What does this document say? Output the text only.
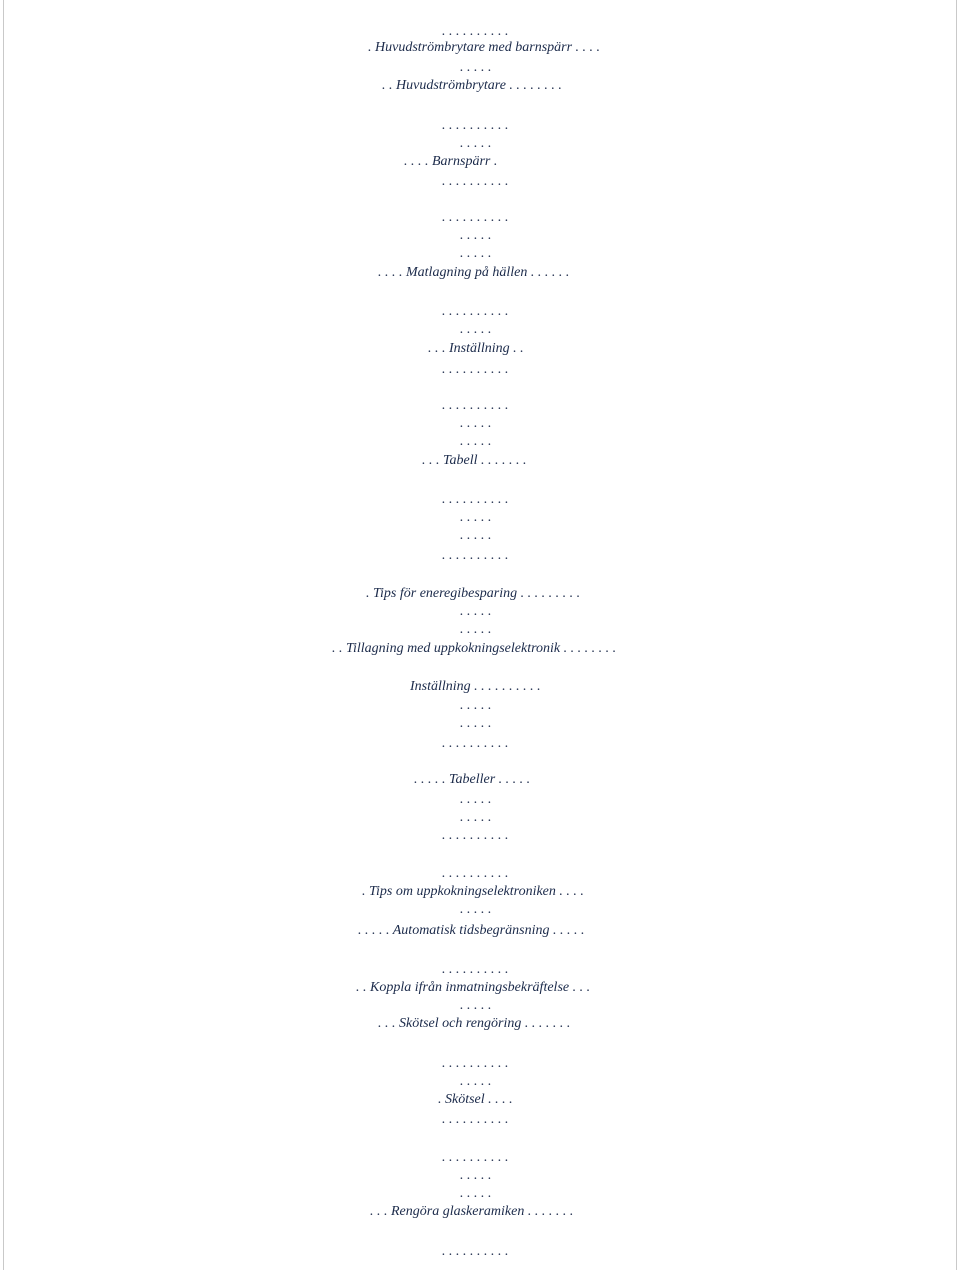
. . . . . . . . . .
. Huvudströmbrytare med barnspärr . . . .
. . . . .
. . Huvudströmbrytare . . . . . . . .
. . . . . . . . . .
. . . . .
. . . . Barnspärr .
. . . . . . . . . .
. . . . . . . . . .
. . . . .
. . . . .
. . . . Matlagning på hällen . . . . . .
. . . . . . . . . .
. . . . .
. . . Inställning . .
. . . . . . . . . .
. . . . . . . . . .
. . . . .
. . . . .
. . . Tabell . . . . . . .
. . . . . . . . . .
. . . . .
. . . . .
. . . . . . . . . .
. Tips för eneregibesparing . . . . . . . . .
. . . . .
. . . . .
. . Tillagning med uppkokningselektronik . . . . . . . .
Inställning . . . . . . . . . .
. . . . .
. . . . .
. . . . . . . . . .
. . . . . Tabeller . . . . .
. . . . .
. . . . .
. . . . . . . . . .
. . . . . . . . . .
. Tips om uppkokningselektroniken . . . .
. . . . .
. . . . . Automatisk tidsbegränsning . . . . .
. . . . . . . . . .
. . Koppla ifrån inmatningsbekräftelse . . .
. . . . .
. . . Skötsel och rengöring . . . . . . .
. . . . . . . . . .
. . . . .
. Skötsel . . . .
. . . . . . . . . .
. . . . . . . . . .
. . . . .
. . . . .
. . . Rengöra glaskeramiken . . . . . . .
. . . . . . . . . .
